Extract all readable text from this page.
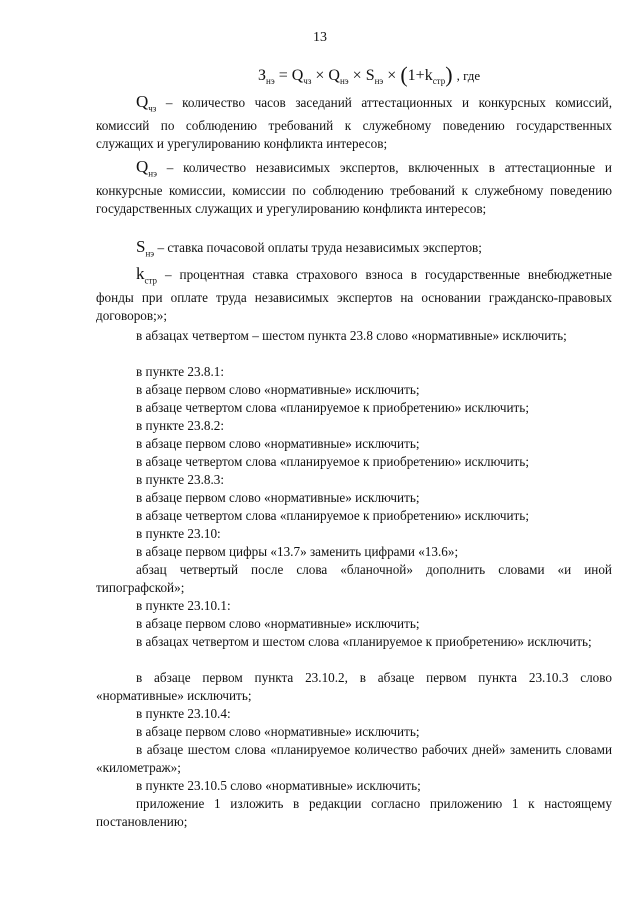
13
$З_{нэ} = Q_{чз} \times Q_{нэ} \times S_{нэ} \times (1+k_{стр})$ , где
$Q_{чз}$ – количество часов заседаний аттестационных и конкурсных комиссий, комиссий по соблюдению требований к служебному поведению государственных служащих и урегулированию конфликта интересов;
$Q_{нэ}$ – количество независимых экспертов, включенных в аттестационные и конкурсные комиссии, комиссии по соблюдению требований к служебному поведению государственных служащих и урегулированию конфликта интересов;
$S_{нэ}$ – ставка почасовой оплаты труда независимых экспертов;
$k_{стр}$ – процентная ставка страхового взноса в государственные внебюджетные фонды при оплате труда независимых экспертов на основании гражданско-правовых договоров;»;
в абзацах четвертом – шестом пункта 23.8 слово «нормативные» исключить;
в пункте 23.8.1:
в абзаце первом слово «нормативные» исключить;
в абзаце четвертом слова «планируемое к приобретению» исключить;
в пункте 23.8.2:
в абзаце первом слово «нормативные» исключить;
в абзаце четвертом слова «планируемое к приобретению» исключить;
в пункте 23.8.3:
в абзаце первом слово «нормативные» исключить;
в абзаце четвертом слова «планируемое к приобретению» исключить;
в пункте 23.10:
в абзаце первом цифры «13.7» заменить цифрами «13.6»;
абзац четвертый после слова «бланочной» дополнить словами «и иной типографской»;
в пункте 23.10.1:
в абзаце первом слово «нормативные» исключить;
в абзацах четвертом и шестом слова «планируемое к приобретению» исключить;
в абзаце первом пункта 23.10.2, в абзаце первом пункта 23.10.3 слово «нормативные» исключить;
в пункте 23.10.4:
в абзаце первом слово «нормативные» исключить;
в абзаце шестом слова «планируемое количество рабочих дней» заменить словами «километраж»;
в пункте 23.10.5 слово «нормативные» исключить;
приложение 1 изложить в редакции согласно приложению 1 к настоящему постановлению;
